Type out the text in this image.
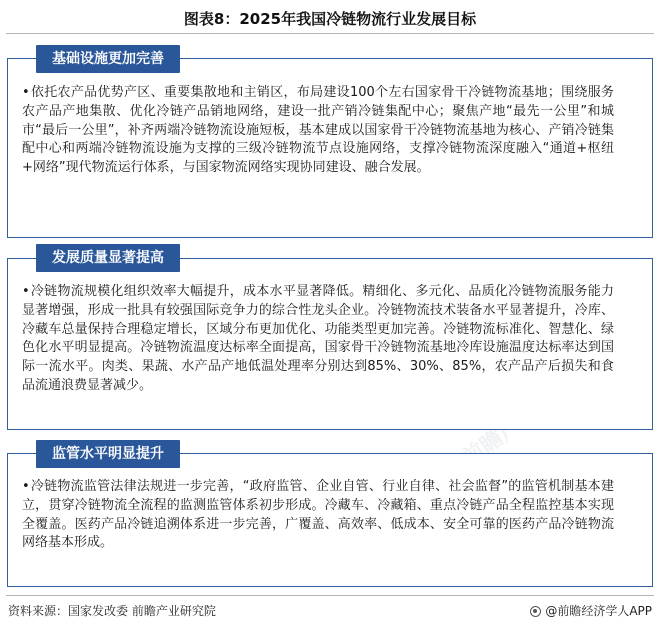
图表8：2025年我国冷链物流行业发展目标
基础设施更加完善
•依托农产品优势产区、重要集散地和主销区，布局建设100个左右国家骨干冷链物流基地；围绕服务农产品产地集散、优化冷链产品销地网络，建设一批产销冷链集配中心；聚焦产地“最先一公里”和城市“最后一公里”，补齐两端冷链物流设施短板，基本建成以国家骨干冷链物流基地为核心、产销冷链集配中心和两端冷链物流设施为支撑的三级冷链物流节点设施网络，支撑冷链物流深度融入“通道+枢纽+网络”现代物流运行体系，与国家物流网络实现协同建设、融合发展。
发展质量显著提高
•冷链物流规模化组织效率大幅提升，成本水平显著降低。精细化、多元化、品质化冷链物流服务能力显著增强，形成一批具有较强国际竞争力的综合性龙头企业。冷链物流技术装备水平显著提升，冷库、冷藏车总量保持合理稳定增长，区域分布更加优化、功能类型更加完善。冷链物流标准化、智慧化、绿色化水平明显提高。冷链物流温度达标率全面提高，国家骨干冷链物流基地冷库设施温度达标率达到国际一流水平。肉类、果蔬、水产品产地低温处理率分别达到85%、30%、85%，农产品产后损失和食品流通浪费显著减少。
监管水平明显提升
•冷链物流监管法律法规进一步完善，“政府监管、企业自管、行业自律、社会监督”的监管机制基本建立，贯穿冷链物流全流程的监测监管体系初步形成。冷藏车、冷藏箱、重点冷链产品全程监控基本实现全覆盖。医药产品冷链追溯体系进一步完善，广覆盖、高效率、低成本、安全可靠的医药产品冷链物流网络基本形成。
资料来源：国家发改委 前瞻产业研究院	@前瞻经济学人APP
